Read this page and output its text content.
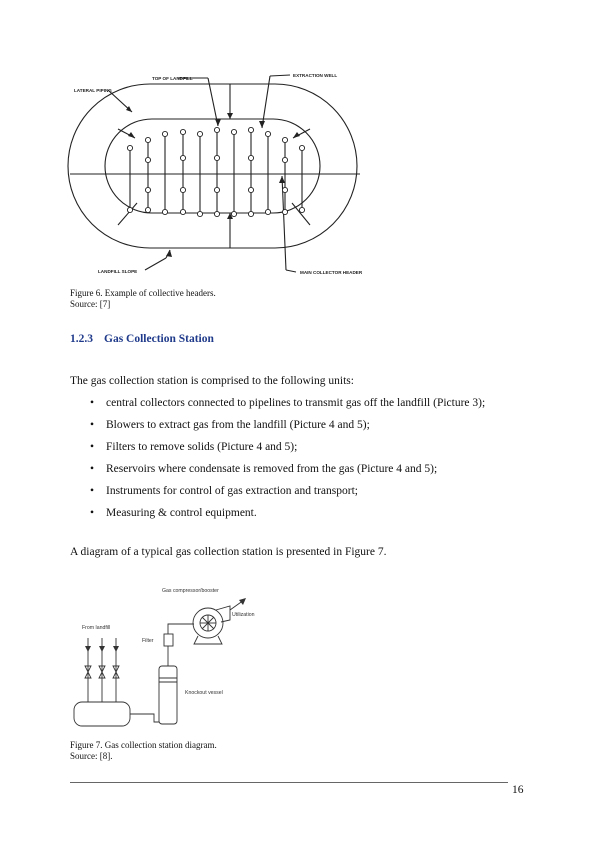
LATERAL PIPING
TOP OF LANDFILL
EXTRACTION WELL
LANDFILL SLOPE	MAIN COLLECTOR HEADER
Figure 6. Example of collective headers.
Source: [7]
1.2.3 Gas Collection Station
The gas collection station is comprised to the following units:
• central collectors connected to pipelines to transmit gas off the landfill (Picture 3);
• Blowers to extract gas from the landfill (Picture 4 and 5);
• Filters to remove solids (Picture 4 and 5);
• Reservoirs where condensate is removed from the gas (Picture 4 and 5);
• Instruments for control of gas extraction and transport;
• Measuring & control equipment.
A diagram of a typical gas collection station is presented in Figure 7.
Gas compressor/booster
Utilization
From landfill
Filter
Knockout vessel
Figure 7. Gas collection station diagram.
Source: [8].
16
